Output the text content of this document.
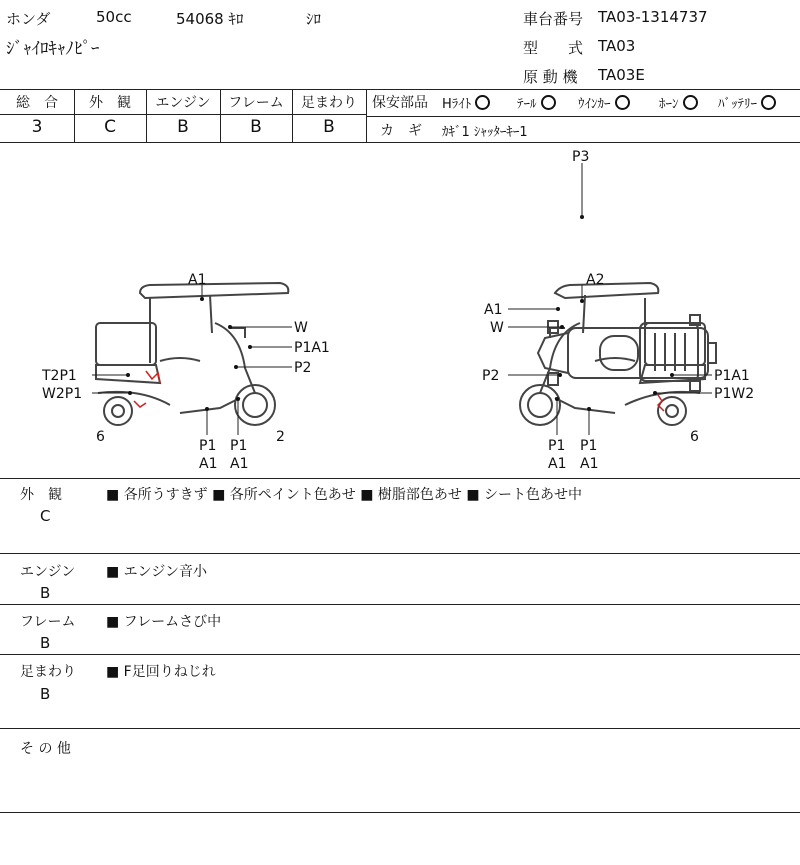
ホンダ	50cc	54068 ｷﾛ	ｼﾛ
ｼﾞｬｲﾛｷｬﾉﾋﾟｰ
車台番号 TA03-1314737
型　　式 TA03
原 動 機 TA03E
総　合	外　観	エンジン	フレーム	足まわり
3	C	B	B	B
保安部品 Hﾗｲﾄ	ﾃｰﾙ	ｳｲﾝｶｰ	ﾎｰﾝ	ﾊﾞｯﾃﾘｰ
カ　ギ ｶｷﾞ1 ｼｬｯﾀｰｷｰ1
A1
W
P1A1
P2
T2P1
W2P1
6
P1
A1
P1
A1
2
P3
A2
A1
W
P2	P1A1
P1W2
6
P1
A1
P1
A1
外　観
C
■ 各所うすきず ■ 各所ペイント色あせ ■ 樹脂部色あせ ■ シート色あせ中
エンジン
B
■ エンジン音小
フレーム
B
■ フレームさび中
足まわり
B
■ F足回りねじれ
そ の 他
